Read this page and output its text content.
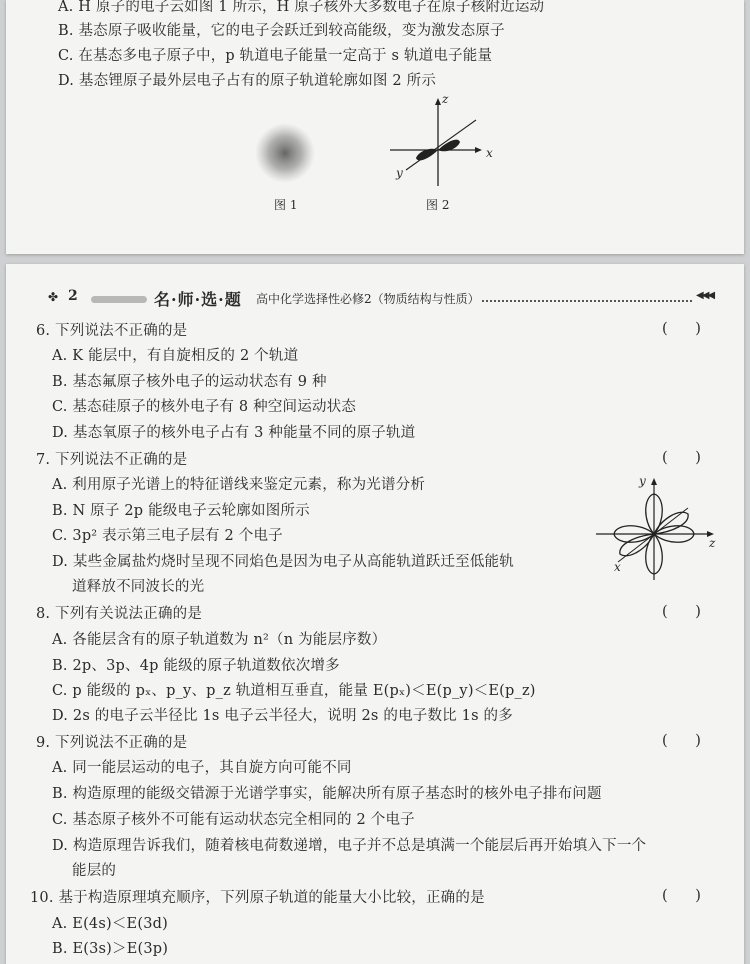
A. H 原子的电子云如图 1 所示，H 原子核外大多数电子在原子核附近运动
B. 基态原子吸收能量，它的电子会跃迁到较高能级，变为激发态原子
C. 在基态多电子原子中，p 轨道电子能量一定高于 s 轨道电子能量
D. 基态锂原子最外层电子占有的原子轨道轮廓如图 2 所示
图 1
x
z
y
图 2
✤ 2	名·师·选·题 高中化学选择性必修2（物质结构与性质）	◀◀◀
6. 下列说法不正确的是	(      )
A. K 能层中，有自旋相反的 2 个轨道
B. 基态氟原子核外电子的运动状态有 9 种
C. 基态硅原子的核外电子有 8 种空间运动状态
D. 基态氧原子的核外电子占有 3 种能量不同的原子轨道
7. 下列说法不正确的是	(      )
A. 利用原子光谱上的特征谱线来鉴定元素，称为光谱分析
B. N 原子 2p 能级电子云轮廓如图所示
C. 3p² 表示第三电子层有 2 个电子
D. 某些金属盐灼烧时呈现不同焰色是因为电子从高能轨道跃迁至低能轨
道释放不同波长的光
y
z
x
8. 下列有关说法正确的是	(      )
A. 各能层含有的原子轨道数为 n²（n 为能层序数）
B. 2p、3p、4p 能级的原子轨道数依次增多
C. p 能级的 pₓ、p_y、p_z 轨道相互垂直，能量 E(pₓ)＜E(p_y)＜E(p_z)
D. 2s 的电子云半径比 1s 电子云半径大，说明 2s 的电子数比 1s 的多
9. 下列说法不正确的是	(      )
A. 同一能层运动的电子，其自旋方向可能不同
B. 构造原理的能级交错源于光谱学事实，能解决所有原子基态时的核外电子排布问题
C. 基态原子核外不可能有运动状态完全相同的 2 个电子
D. 构造原理告诉我们，随着核电荷数递增，电子并不总是填满一个能层后再开始填入下一个
能层的
10. 基于构造原理填充顺序，下列原子轨道的能量大小比较，正确的是	(      )
A. E(4s)＜E(3d)
B. E(3s)＞E(3p)
